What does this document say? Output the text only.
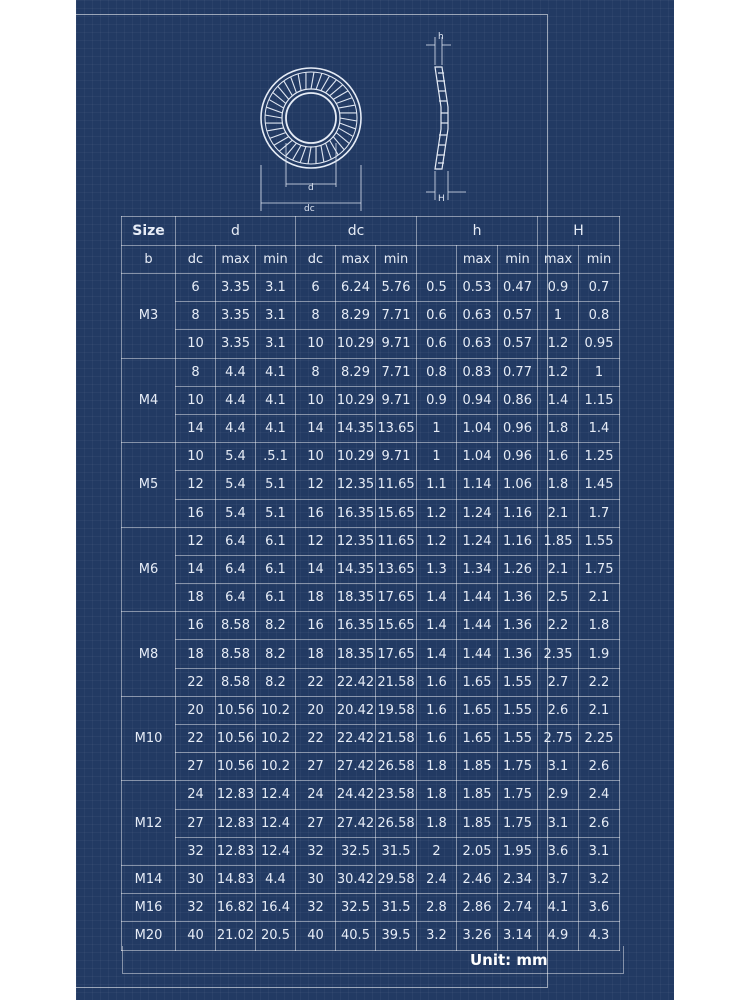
d
dc
h
H
Size	d			dc			h			H	
b	dc	max	min	dc	max	min		max	min	max	min
M3	6	3.35	3.1	6	6.24	5.76	0.5	0.53	0.47	0.9	0.7
	8	3.35	3.1	8	8.29	7.71	0.6	0.63	0.57	1	0.8
	10	3.35	3.1	10	10.29	9.71	0.6	0.63	0.57	1.2	0.95
M4	8	4.4	4.1	8	8.29	7.71	0.8	0.83	0.77	1.2	1
	10	4.4	4.1	10	10.29	9.71	0.9	0.94	0.86	1.4	1.15
	14	4.4	4.1	14	14.35	13.65	1	1.04	0.96	1.8	1.4
M5	10	5.4	.5.1	10	10.29	9.71	1	1.04	0.96	1.6	1.25
	12	5.4	5.1	12	12.35	11.65	1.1	1.14	1.06	1.8	1.45
	16	5.4	5.1	16	16.35	15.65	1.2	1.24	1.16	2.1	1.7
M6	12	6.4	6.1	12	12.35	11.65	1.2	1.24	1.16	1.85	1.55
	14	6.4	6.1	14	14.35	13.65	1.3	1.34	1.26	2.1	1.75
	18	6.4	6.1	18	18.35	17.65	1.4	1.44	1.36	2.5	2.1
M8	16	8.58	8.2	16	16.35	15.65	1.4	1.44	1.36	2.2	1.8
	18	8.58	8.2	18	18.35	17.65	1.4	1.44	1.36	2.35	1.9
	22	8.58	8.2	22	22.42	21.58	1.6	1.65	1.55	2.7	2.2
M10	20	10.56	10.2	20	20.42	19.58	1.6	1.65	1.55	2.6	2.1
	22	10.56	10.2	22	22.42	21.58	1.6	1.65	1.55	2.75	2.25
	27	10.56	10.2	27	27.42	26.58	1.8	1.85	1.75	3.1	2.6
M12	24	12.83	12.4	24	24.42	23.58	1.8	1.85	1.75	2.9	2.4
	27	12.83	12.4	27	27.42	26.58	1.8	1.85	1.75	3.1	2.6
	32	12.83	12.4	32	32.5	31.5	2	2.05	1.95	3.6	3.1
M14	30	14.83	4.4	30	30.42	29.58	2.4	2.46	2.34	3.7	3.2
M16	32	16.82	16.4	32	32.5	31.5	2.8	2.86	2.74	4.1	3.6
M20	40	21.02	20.5	40	40.5	39.5	3.2	3.26	3.14	4.9	4.3
Unit: mm
